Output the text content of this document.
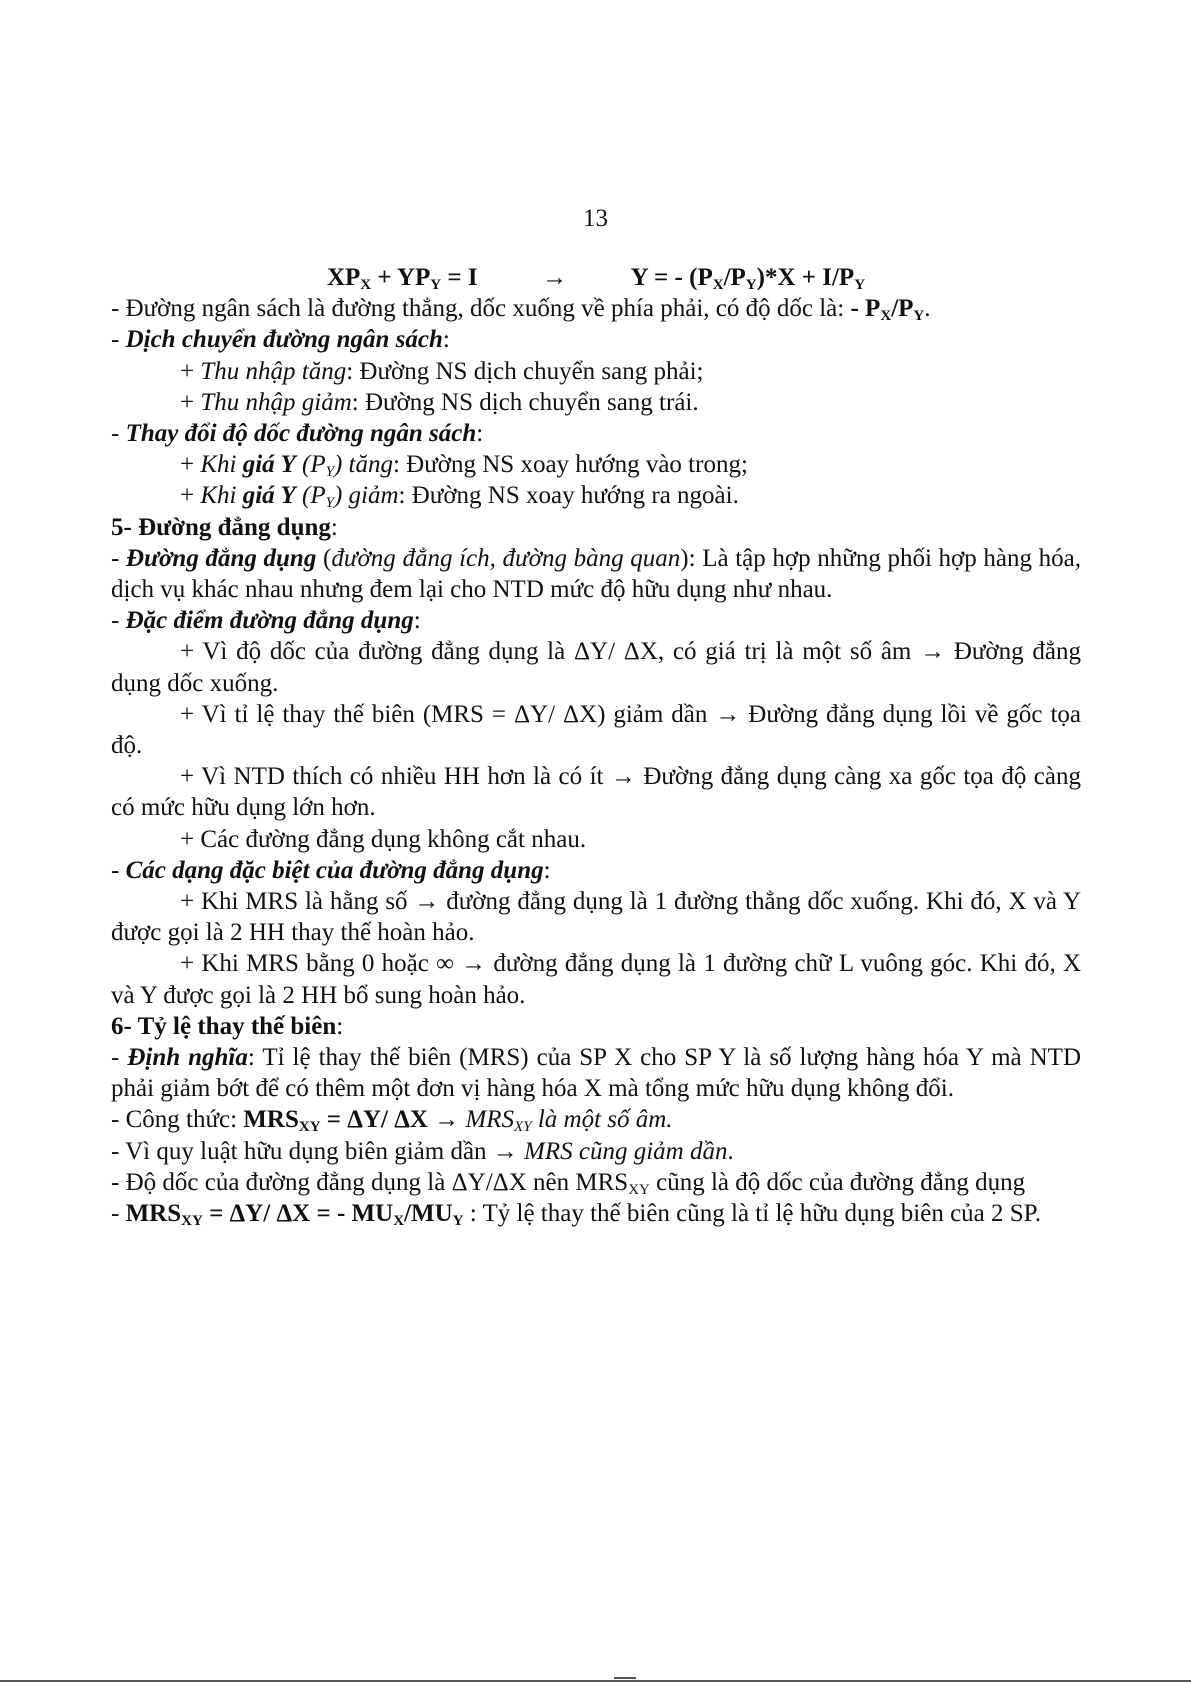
13

$XP_X + YP_Y = I$	→	Y = - $(P_X/P_Y)*X + I/P_Y$

- Đường ngân sách là đường thẳng, dốc xuống về phía phải, có độ dốc là: - $P_X/P_Y$.

- Dịch chuyển đường ngân sách:

+ Thu nhập tăng: Đường NS dịch chuyển sang phải;

+ Thu nhập giảm: Đường NS dịch chuyển sang trái.

- Thay đổi độ dốc đường ngân sách:

+ Khi giá Y $(P_Y)$ tăng: Đường NS xoay hướng vào trong;

+ Khi giá Y $(P_Y)$ giảm: Đường NS xoay hướng ra ngoài.

5- Đường đẳng dụng:

- Đường đẳng dụng (đường đẳng ích, đường bàng quan): Là tập hợp những phối hợp hàng hóa, dịch vụ khác nhau nhưng đem lại cho NTD mức độ hữu dụng như nhau.

- Đặc điểm đường đẳng dụng:

+ Vì độ dốc của đường đẳng dụng là ΔY/ ΔX, có giá trị là một số âm → Đường đẳng dụng dốc xuống.

+ Vì tỉ lệ thay thế biên (MRS = ΔY/ ΔX) giảm dần → Đường đẳng dụng lồi về gốc tọa độ.

+ Vì NTD thích có nhiều HH hơn là có ít → Đường đẳng dụng càng xa gốc tọa độ càng có mức hữu dụng lớn hơn.

+ Các đường đẳng dụng không cắt nhau.

- Các dạng đặc biệt của đường đẳng dụng:

+ Khi MRS là hằng số → đường đẳng dụng là 1 đường thẳng dốc xuống. Khi đó, X và Y được gọi là 2 HH thay thế hoàn hảo.

+ Khi MRS bằng 0 hoặc ∞ → đường đẳng dụng là 1 đường chữ L vuông góc. Khi đó, X và Y được gọi là 2 HH bổ sung hoàn hảo.

6- Tỷ lệ thay thế biên:

- Định nghĩa: Tỉ lệ thay thế biên (MRS) của SP X cho SP Y là số lượng hàng hóa Y mà NTD phải giảm bớt để có thêm một đơn vị hàng hóa X mà tổng mức hữu dụng không đổi.

- Công thức: $MRS_{XY} = \Delta Y/$ $\Delta X \to MRS_{XY}$ là một số âm.

- Vì quy luật hữu dụng biên giảm dần → MRS cũng giảm dần.

- Độ dốc của đường đẳng dụng là ΔY/ΔX nên $MRS_{XY}$ cũng là độ dốc của đường đẳng dụng

- $MRS_{XY} = \Delta Y/$ ΔX = - $MU_X/MU_Y$ : Tỷ lệ thay thế biên cũng là tỉ lệ hữu dụng biên của 2 SP.
